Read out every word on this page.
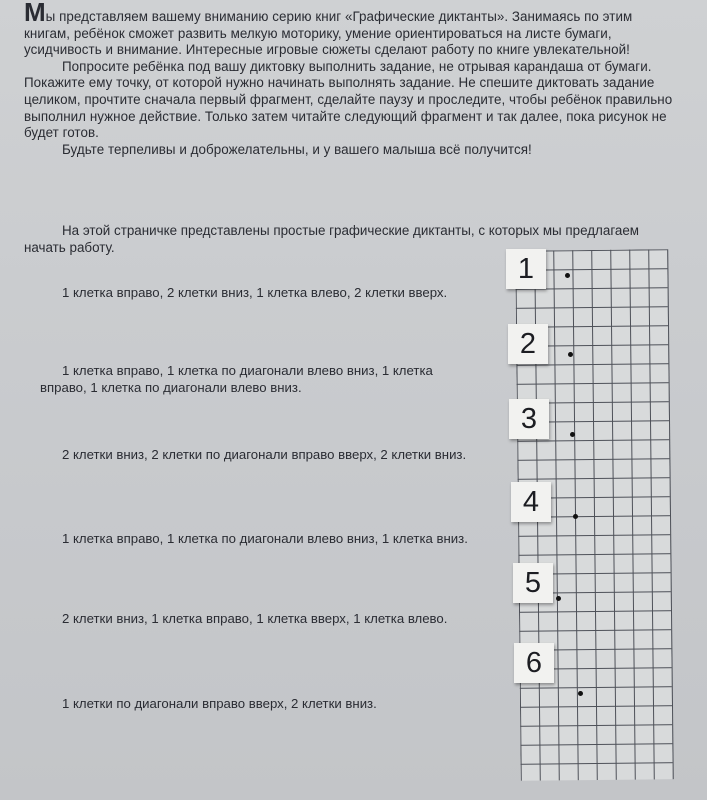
Мы представляем вашему вниманию серию книг «Графические диктанты». Занимаясь по этим книгам, ребёнок сможет развить мелкую моторику, умение ориентироваться на листе бумаги, усидчивость и внимание. Интересные игровые сюжеты сделают работу по книге увлекательной!

Попросите ребёнка под вашу диктовку выполнить задание, не отрывая карандаша от бумаги. Покажите ему точку, от которой нужно начинать выполнять задание. Не спешите диктовать задание целиком, прочтите сначала первый фрагмент, сделайте паузу и проследите, чтобы ребёнок правильно выполнил нужное действие. Только затем читайте следующий фрагмент и так далее, пока рисунок не будет готов.

Будьте терпеливы и доброжелательны, и у вашего малыша всё получится!

На этой страничке представлены простые графические диктанты, с которых мы предлагаем начать работу.

1 клетка вправо, 2 клетки вниз, 1 клетка влево, 2 клетки вверх.

1 клетка вправо, 1 клетка по диагонали влево вниз, 1 клетка вправо, 1 клетка по диагонали влево вниз.

2 клетки вниз, 2 клетки по диагонали вправо вверх, 2 клетки вниз.

1 клетка вправо, 1 клетка по диагонали влево вниз, 1 клетка вниз.

2 клетки вниз, 1 клетка вправо, 1 клетка вверх, 1 клетка влево.

1 клетки по диагонали вправо вверх, 2 клетки вниз.

1
2
3
4
5
6
